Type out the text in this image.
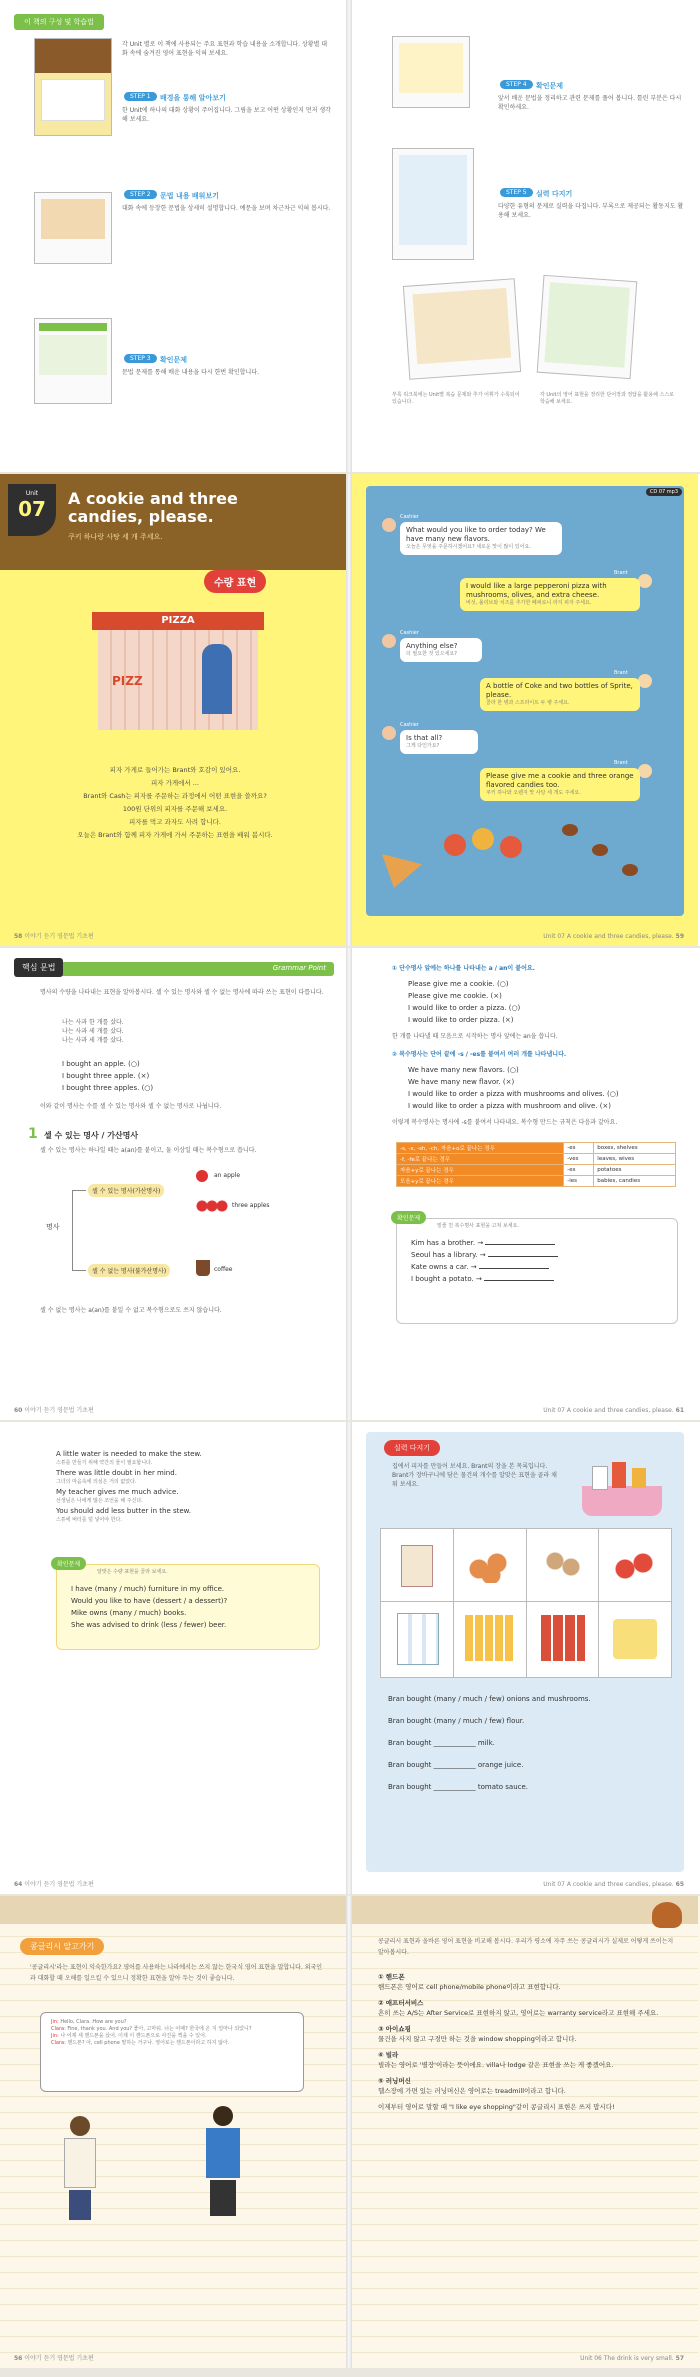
이 책의 구성 및 학습법
각 Unit 별로 이 책에 사용되는 주요 표현과 학습 내용을 소개합니다. 상황별 대화 속에 숨겨진 영어 표현을 익혀 보세요.
STEP 1	배경을 통해 알아보기
한 Unit에 하나의 대화 상황이 주어집니다. 그림을 보고 어떤 상황인지 먼저 생각해 보세요.
STEP 2	문법 내용 배워보기
대화 속에 등장한 문법을 상세히 설명합니다. 예문을 보며 차근차근 익혀 봅시다.
STEP 3	확인문제
문법 문제를 통해 배운 내용을 다시 한번 확인합니다.
STEP 4	확인문제
앞서 배운 문법을 정리하고 관련 문제를 풀어 봅니다. 틀린 부분은 다시 확인하세요.
STEP 5	실력 다지기
다양한 유형의 문제로 실력을 다집니다. 부록으로 제공되는 활동지도 활용해 보세요.
부록 워크북에는 Unit별 복습 문제와 추가 어휘가 수록되어 있습니다.
각 Unit의 영어 표현을 정리한 단어장과 정답을 활용해 스스로 학습해 보세요.
Unit
07	A cookie and three candies, please.
쿠키 하나랑 사탕 세 개 주세요.
수량 표현
PIZZA
PIZZ
피자 가게로 들어가는 Brant와 호감이 있어요.
피자 가게에서 ...
Brant와 Cash는 피자를 주문하는 과정에서 어떤 표현을 쓸까요?
100원 단위의 피자를 주문해 보세요.
피자를 먹고 과자도 사려 합니다.
오늘은 Brant와 함께 피자 가게에 가서 주문하는 표현을 배워 봅시다.
58 이야기 듣기 영문법 기초편
CD 07 mp3
Cashier
What would you like to order today? We have many new flavors.
오늘은 무엇을 주문하시겠어요? 새로운 맛이 많이 있어요.
Brant
I would like a large pepperoni pizza with mushrooms, olives, and extra cheese.
버섯, 올리브와 치즈를 추가한 페퍼로니 라지 피자 주세요.
Cashier
Anything else?
더 필요한 것 있으세요?
Brant
A bottle of Coke and two bottles of Sprite, please.
콜라 한 병과 스프라이트 두 병 주세요.
Cashier
Is that all?
그게 다인가요?
Brant
Please give me a cookie and three orange flavored candies too.
쿠키 하나와 오렌지 맛 사탕 세 개도 주세요.
Unit 07 A cookie and three candies, please. 59
핵심 문법	Grammar Point
명사의 수량을 나타내는 표현을 알아봅시다. 셀 수 있는 명사와 셀 수 없는 명사에 따라 쓰는 표현이 다릅니다.
나는 사과 한 개를 샀다.
나는 사과 세 개를 샀다.
나는 사과 세 개를 샀다.
I bought an apple. (○)
I bought three apple. (×)
I bought three apples. (○)
이와 같이 명사는 수를 셀 수 있는 명사와 셀 수 없는 명사로 나뉩니다.
1 셀 수 있는 명사 / 가산명사
셀 수 있는 명사는 하나일 때는 a(an)를 붙이고, 둘 이상일 때는 복수형으로 씁니다.
명사
셀 수 있는 명사(가산명사)
셀 수 없는 명사(불가산명사)
an apple
three apples
coffee
셀 수 없는 명사는 a(an)를 붙일 수 없고 복수형으로도 쓰지 않습니다.
60 이야기 듣기 영문법 기초편
① 단수명사 앞에는 하나를 나타내는 a / an이 붙어요.
Please give me a cookie. (○)
Please give me cookie. (×)
I would like to order a pizza. (○)
I would like to order pizza. (×)
한 개를 나타낼 때 모음으로 시작하는 명사 앞에는 an을 씁니다.
② 복수명사는 단어 끝에 -s / -es를 붙여서 여러 개를 나타냅니다.
We have many new flavors. (○)
We have many new flavor. (×)
I would like to order a pizza with mushrooms and olives. (○)
I would like to order a pizza with mushroom and olive. (×)
이렇게 복수명사는 명사에 -s를 붙여서 나타내요. 복수형 만드는 규칙은 다음과 같아요.
-s, -x, -sh, -ch, 자음+o로 끝나는 경우	-es	boxes, shelves
-f, -fe로 끝나는 경우	-ves	leaves, wives
자음+y로 끝나는 경우	-es	potatoes
모음+y로 끝나는 경우	-ies	babies, candies
확인문제
밑줄 친 복수명사 표현을 고쳐 보세요.
Kim has a brother. →
Seoul has a library. →
Kate owns a car. →
I bought a potato. →
Unit 07 A cookie and three candies, please. 61
A little water is needed to make the stew.
스튜를 만들기 위해 약간의 물이 필요합니다.
There was little doubt in her mind.
그녀의 마음속에 의심은 거의 없었다.
My teacher gives me much advice.
선생님은 나에게 많은 조언을 해 주신다.
You should add less butter in the stew.
스튜에 버터를 덜 넣어야 한다.
확인문제
알맞은 수량 표현을 골라 보세요.
I have (many / much) furniture in my office.
Would you like to have (dessert / a dessert)?
Mike owns (many / much) books.
She was advised to drink (less / fewer) beer.
64 이야기 듣기 영문법 기초편
실력 다지기
집에서 피자를 만들어 보세요. Brant의 장을 본 목록입니다. Brant가 장바구니에 담은 물건의 개수를 알맞은 표현을 골라 채워 보세요.
Bran bought (many / much / few) onions and mushrooms.
Bran bought (many / much / few) flour.
Bran bought ____________ milk.
Bran bought ____________ orange juice.
Bran bought ____________ tomato sauce.
Unit 07 A cookie and three candies, please. 65
콩글리시 알고가기
'콩글리시'라는 표현이 익숙한가요? 영어를 사용하는 나라에서는 쓰지 않는 한국식 영어 표현을 말합니다. 외국인과 대화할 때 오해를 일으킬 수 있으니 정확한 표현을 알아 두는 것이 좋습니다.
Jin: Hello, Clara. How are you?
Clara: Fine, thank you. And you? 좋아, 고마워. 너는 어때? 한국에 온 지 얼마나 되었니?
Jin: 나 어제 새 핸드폰을 샀어. 이제 이 핸드폰으로 사진을 찍을 수 있어.
Clara: 핸드폰? 아, cell phone 말하는 거구나. 영어로는 핸드폰이라고 하지 않아.
56 이야기 듣기 영문법 기초편
콩글리시 표현과 올바른 영어 표현을 비교해 봅시다. 우리가 평소에 자주 쓰는 콩글리시가 실제로 어떻게 쓰이는지 알아봅시다.
① 핸드폰
핸드폰은 영어로 cell phone/mobile phone이라고 표현합니다.
② 애프터서비스
흔히 쓰는 A/S는 After Service로 표현하지 않고, 영어로는 warranty service라고 표현해 주세요.
③ 아이쇼핑
물건을 사지 않고 구경만 하는 것을 window shopping이라고 합니다.
④ 빌라
빌라는 영어로 '별장'이라는 뜻이에요. villa나 lodge 같은 표현을 쓰는 게 좋겠어요.
⑤ 러닝머신
헬스장에 가면 있는 러닝머신은 영어로는 treadmill이라고 합니다.
이제부터 영어로 말할 때 "I like eye shopping"같이 콩글리시 표현은 쓰지 맙시다!
Unit 06 The drink is very small. 57
